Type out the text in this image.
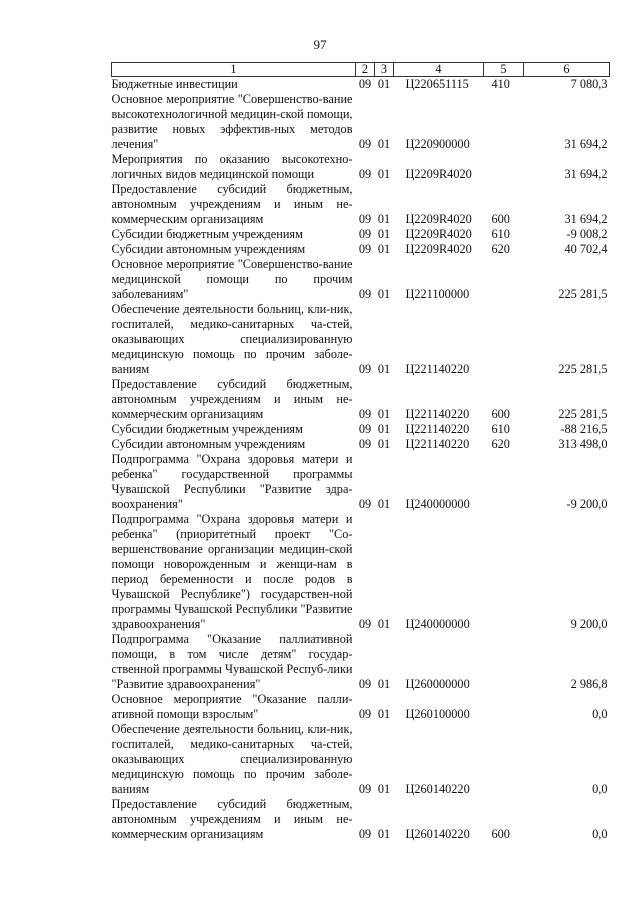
97
1	2	3	4	5	6
Бюджетные инвестиции	09	01	Ц220651115	410	7 080,3
Основное мероприятие "Совершенство-вание высокотехнологичной медицин-ской помощи, развитие новых эффектив-ных методов лечения"	09	01	Ц220900000		31 694,2
Мероприятия по оказанию высокотехно-логичных видов медицинской помощи	09	01	Ц2209R4020		31 694,2
Предоставление субсидий бюджетным, автономным учреждениям и иным не-коммерческим организациям	09	01	Ц2209R4020	600	31 694,2
Субсидии бюджетным учреждениям	09	01	Ц2209R4020	610	-9 008,2
Субсидии автономным учреждениям	09	01	Ц2209R4020	620	40 702,4
Основное мероприятие "Совершенство-вание медицинской помощи по прочим заболеваниям"	09	01	Ц221100000		225 281,5
Обеспечение деятельности больниц, кли-ник, госпиталей, медико-санитарных ча-стей, оказывающих специализированную медицинскую помощь по прочим заболе-ваниям	09	01	Ц221140220		225 281,5
Предоставление субсидий бюджетным, автономным учреждениям и иным не-коммерческим организациям	09	01	Ц221140220	600	225 281,5
Субсидии бюджетным учреждениям	09	01	Ц221140220	610	-88 216,5
Субсидии автономным учреждениям	09	01	Ц221140220	620	313 498,0
Подпрограмма "Охрана здоровья матери и ребенка" государственной программы Чувашской Республики "Развитие здра-воохранения"	09	01	Ц240000000		-9 200,0
Подпрограмма "Охрана здоровья матери и ребенка" (приоритетный проект "Со-вершенствование организации медицин-ской помощи новорожденным и женщи-нам в период беременности и после родов в Чувашской Республике") государствен-ной программы Чувашской Республики "Развитие здравоохранения"	09	01	Ц240000000		9 200,0
Подпрограмма "Оказание паллиативной помощи, в том числе детям" государ-ственной программы Чувашской Респуб-лики "Развитие здравоохранения"	09	01	Ц260000000		2 986,8
Основное мероприятие "Оказание палли-ативной помощи взрослым"	09	01	Ц260100000		0,0
Обеспечение деятельности больниц, кли-ник, госпиталей, медико-санитарных ча-стей, оказывающих специализированную медицинскую помощь по прочим заболе-ваниям	09	01	Ц260140220		0,0
Предоставление субсидий бюджетным, автономным учреждениям и иным не-коммерческим организациям	09	01	Ц260140220	600	0,0
